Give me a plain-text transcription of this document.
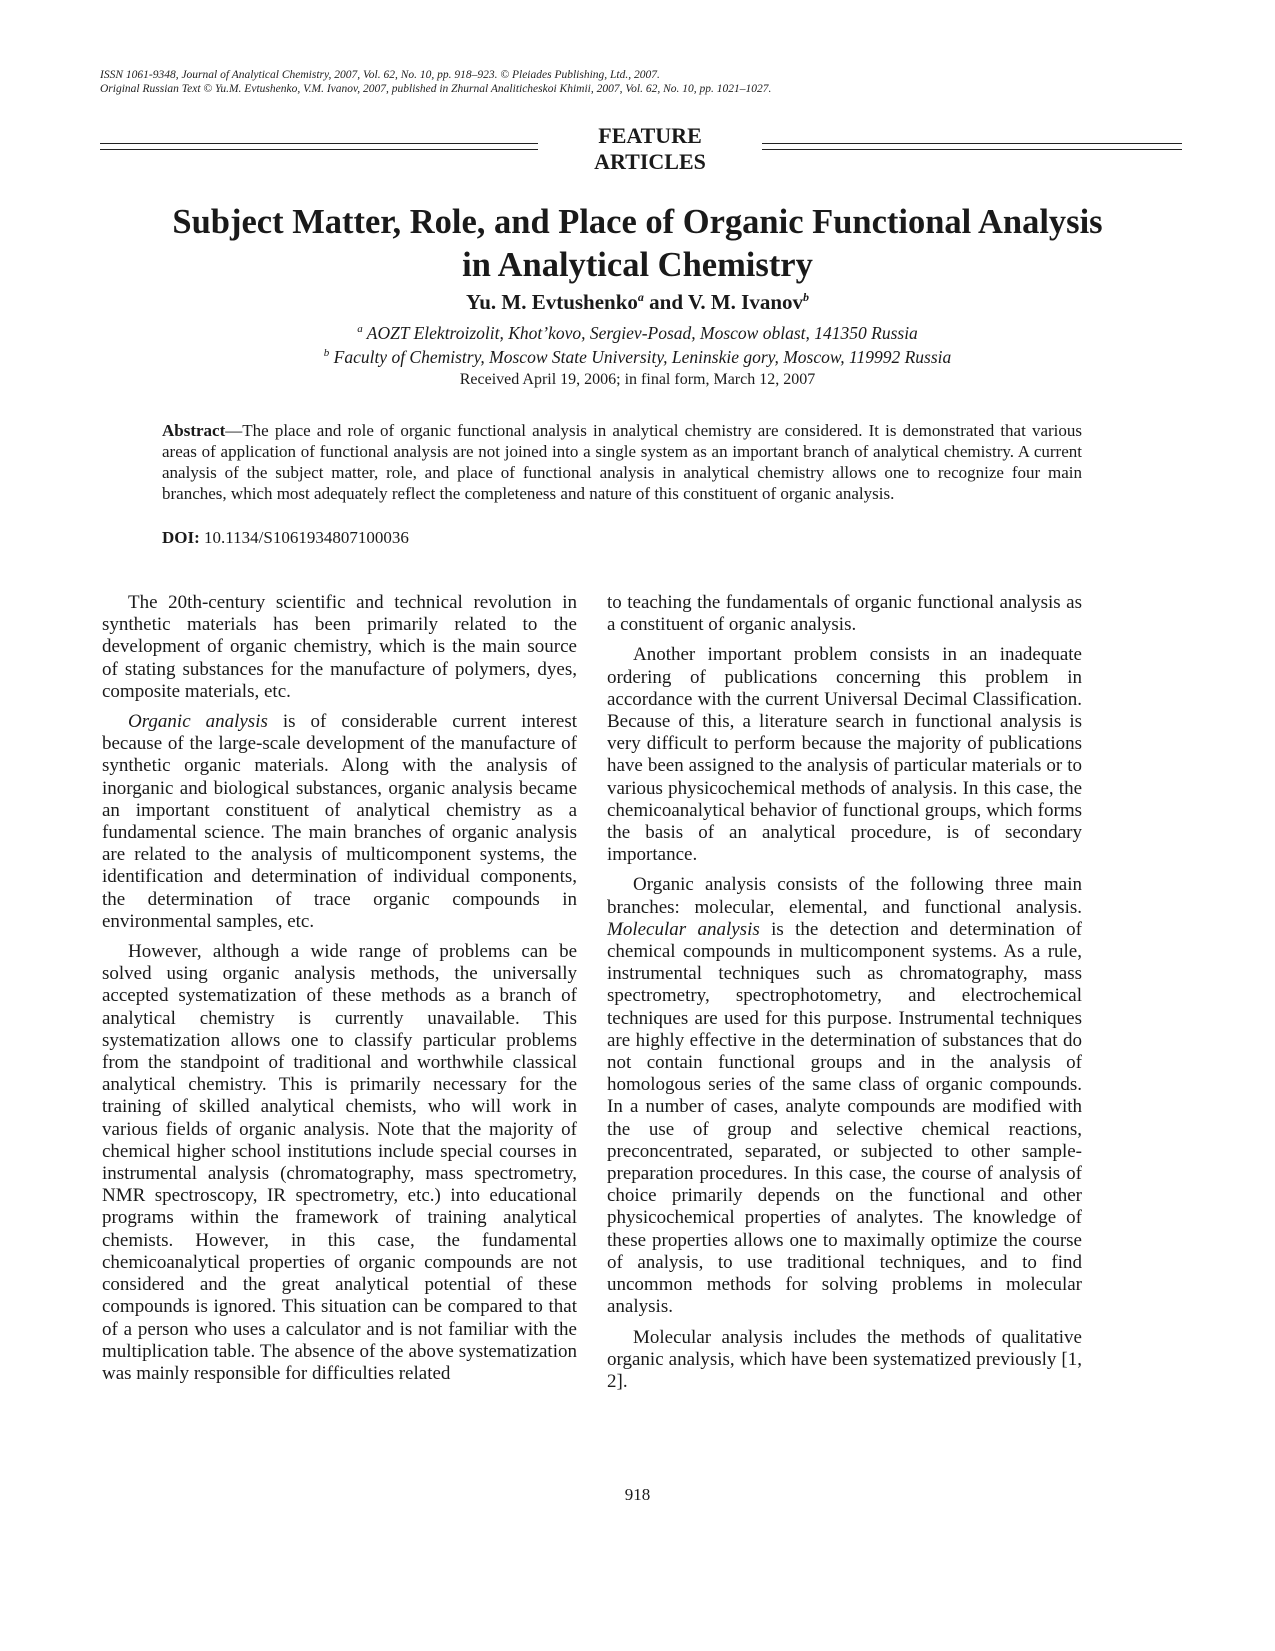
ISSN 1061-9348, Journal of Analytical Chemistry, 2007, Vol. 62, No. 10, pp. 918–923. © Pleiades Publishing, Ltd., 2007.
Original Russian Text © Yu.M. Evtushenko, V.M. Ivanov, 2007, published in Zhurnal Analiticheskoi Khimii, 2007, Vol. 62, No. 10, pp. 1021–1027.
FEATURE
ARTICLES
Subject Matter, Role, and Place of Organic Functional Analysis
in Analytical Chemistry
Yu. M. Evtushenko$^a$ and V. M. Ivanov$^b$
$^a$ AOZT Elektroizolit, Khot’kovo, Sergiev-Posad, Moscow oblast, 141350 Russia
$^b$ Faculty of Chemistry, Moscow State University, Leninskie gory, Moscow, 119992 Russia
Received April 19, 2006; in final form, March 12, 2007
Abstract—The place and role of organic functional analysis in analytical chemistry are considered. It is demonstrated that various areas of application of functional analysis are not joined into a single system as an important branch of analytical chemistry. A current analysis of the subject matter, role, and place of functional analysis in analytical chemistry allows one to recognize four main branches, which most adequately reflect the completeness and nature of this constituent of organic analysis.
DOI: 10.1134/S1061934807100036

The 20th-century scientific and technical revolution in synthetic materials has been primarily related to the development of organic chemistry, which is the main source of stating substances for the manufacture of polymers, dyes, composite materials, etc.

Organic analysis is of considerable current interest because of the large-scale development of the manufacture of synthetic organic materials. Along with the analysis of inorganic and biological substances, organic analysis became an important constituent of analytical chemistry as a fundamental science. The main branches of organic analysis are related to the analysis of multicomponent systems, the identification and determination of individual components, the determination of trace organic compounds in environmental samples, etc.

However, although a wide range of problems can be solved using organic analysis methods, the universally accepted systematization of these methods as a branch of analytical chemistry is currently unavailable. This systematization allows one to classify particular problems from the standpoint of traditional and worthwhile classical analytical chemistry. This is primarily necessary for the training of skilled analytical chemists, who will work in various fields of organic analysis. Note that the majority of chemical higher school institutions include special courses in instrumental analysis (chromatography, mass spectrometry, NMR spectroscopy, IR spectrometry, etc.) into educational programs within the framework of training analytical chemists. However, in this case, the fundamental chemicoanalytical properties of organic compounds are not considered and the great analytical potential of these compounds is ignored. This situation can be compared to that of a person who uses a calculator and is not familiar with the multiplication table. The absence of the above systematization was mainly responsible for difficulties related

to teaching the fundamentals of organic functional analysis as a constituent of organic analysis.

Another important problem consists in an inadequate ordering of publications concerning this problem in accordance with the current Universal Decimal Classification. Because of this, a literature search in functional analysis is very difficult to perform because the majority of publications have been assigned to the analysis of particular materials or to various physicochemical methods of analysis. In this case, the chemicoanalytical behavior of functional groups, which forms the basis of an analytical procedure, is of secondary importance.

Organic analysis consists of the following three main branches: molecular, elemental, and functional analysis. Molecular analysis is the detection and determination of chemical compounds in multicomponent systems. As a rule, instrumental techniques such as chromatography, mass spectrometry, spectrophotometry, and electrochemical techniques are used for this purpose. Instrumental techniques are highly effective in the determination of substances that do not contain functional groups and in the analysis of homologous series of the same class of organic compounds. In a number of cases, analyte compounds are modified with the use of group and selective chemical reactions, preconcentrated, separated, or subjected to other sample-preparation procedures. In this case, the course of analysis of choice primarily depends on the functional and other physicochemical properties of analytes. The knowledge of these properties allows one to maximally optimize the course of analysis, to use traditional techniques, and to find uncommon methods for solving problems in molecular analysis.

Molecular analysis includes the methods of qualitative organic analysis, which have been systematized previously [1, 2].

918
